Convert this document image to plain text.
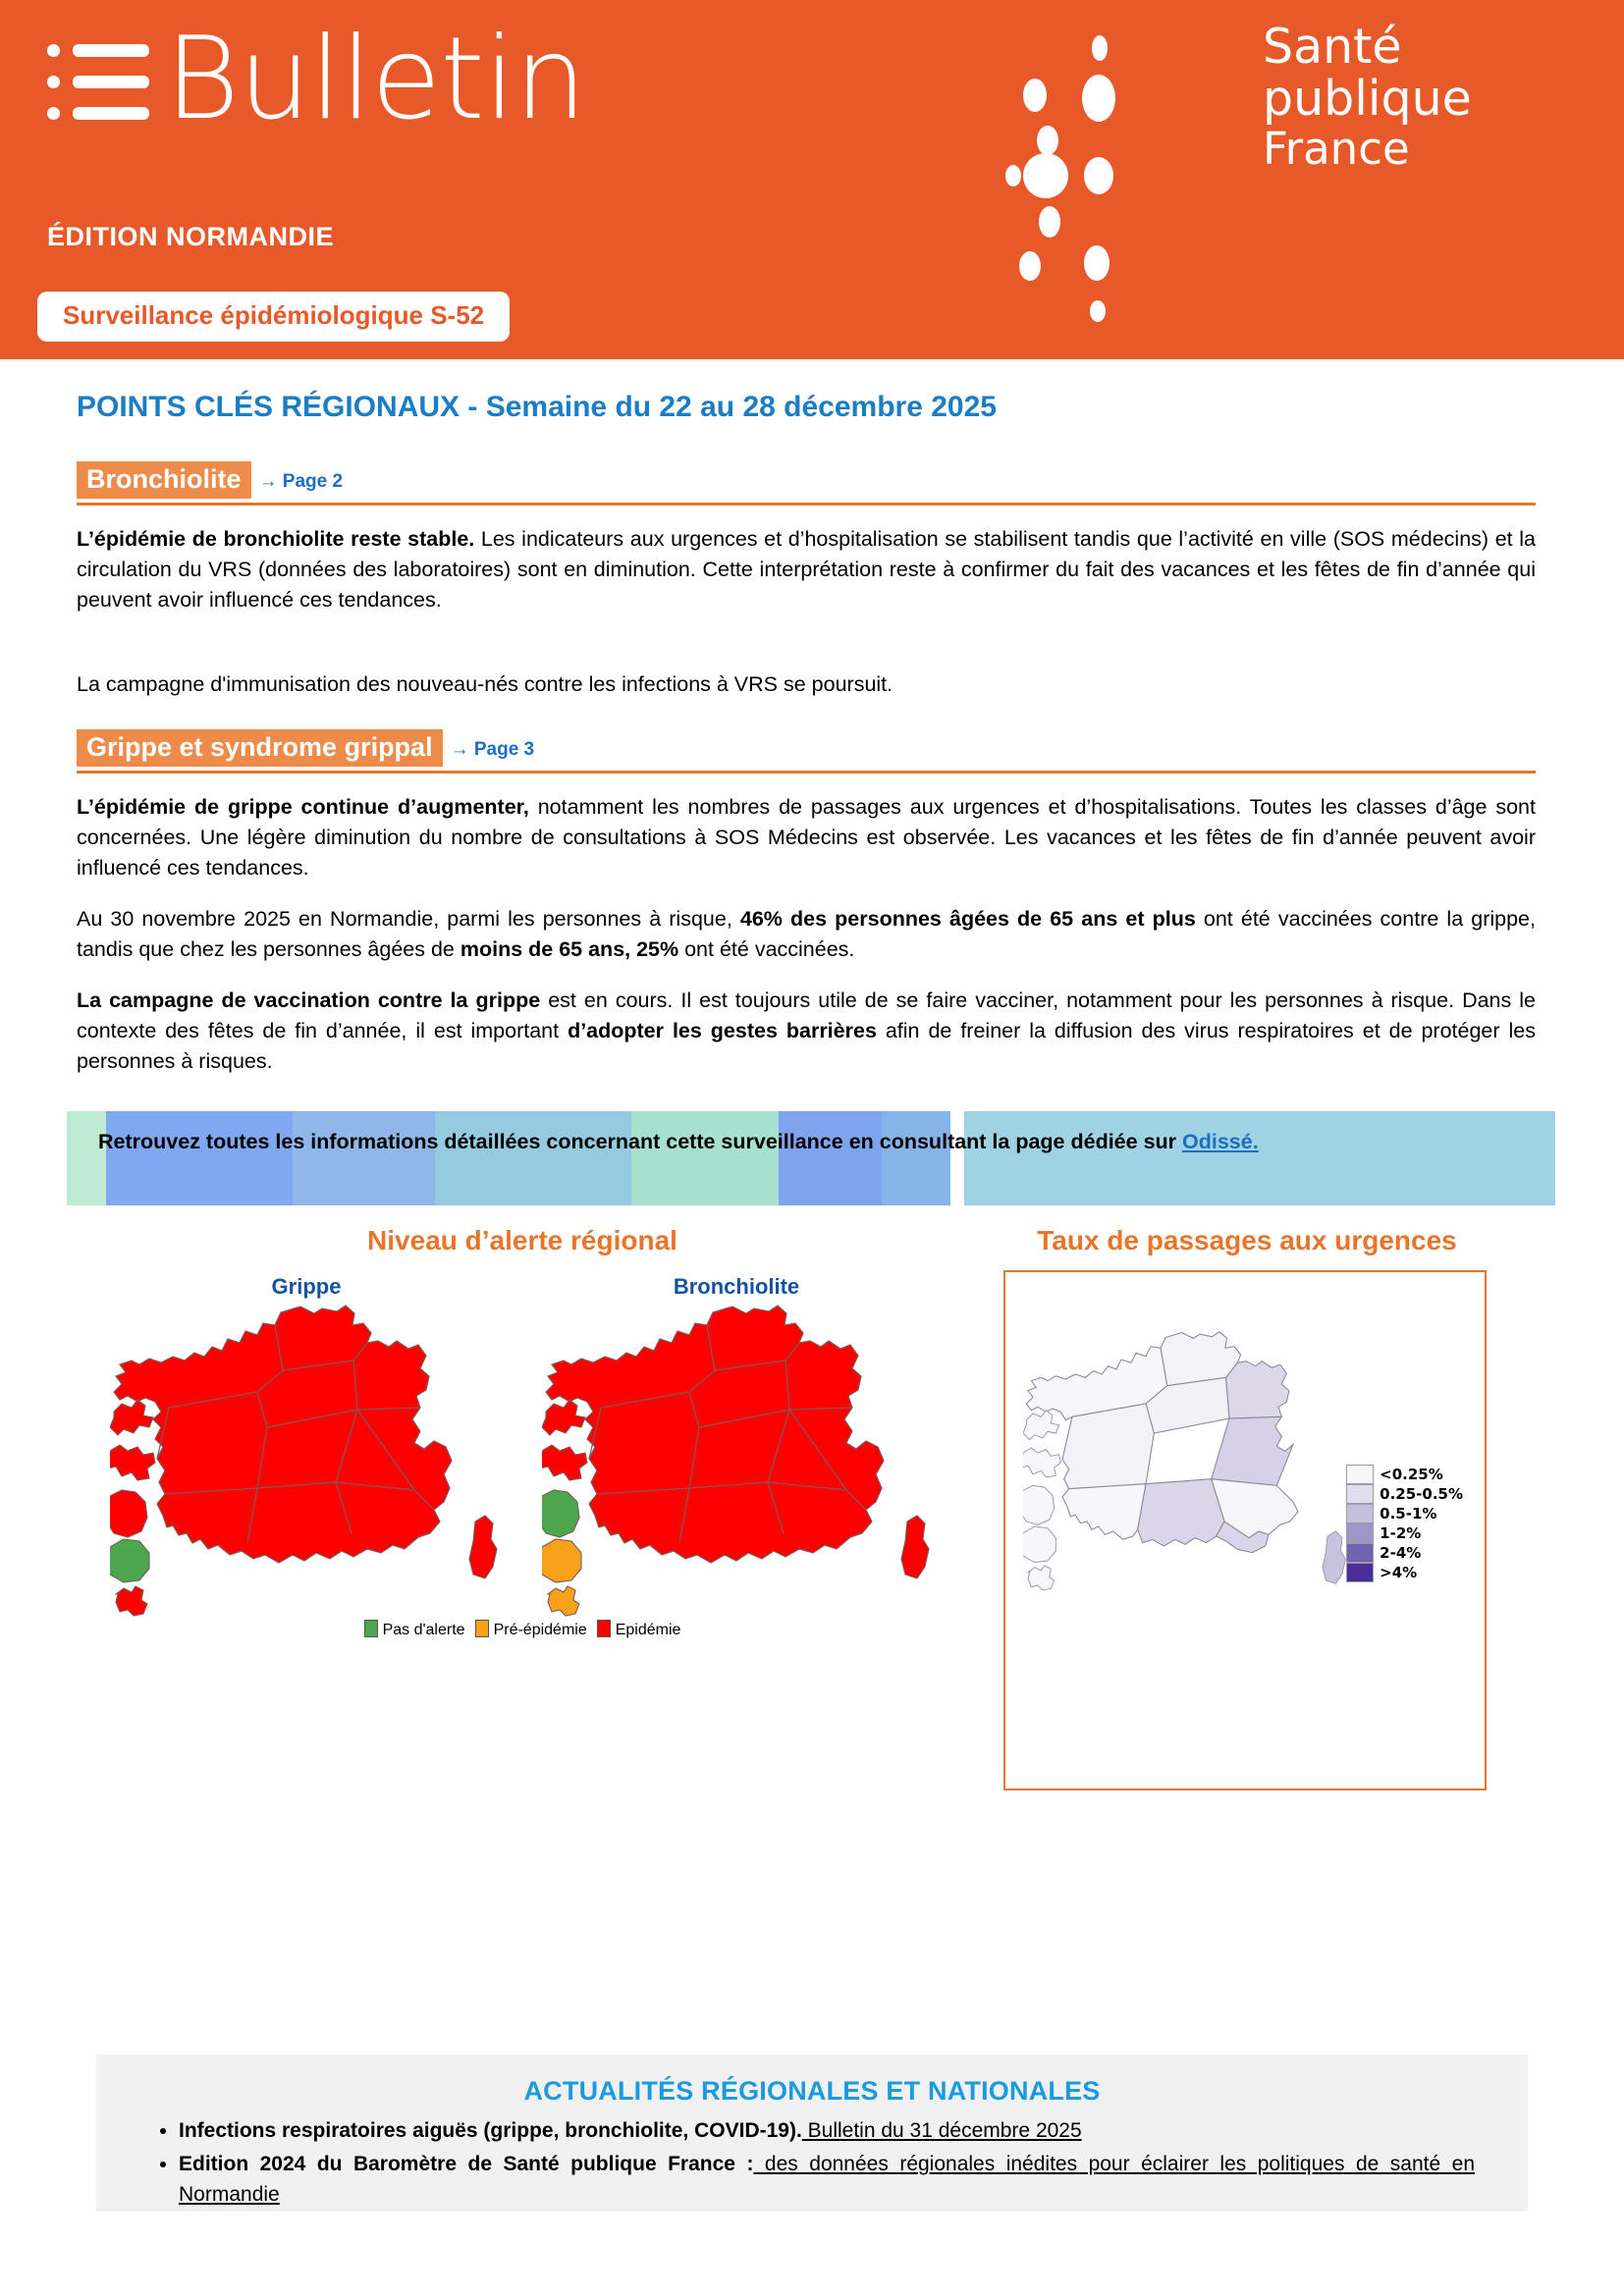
Bulletin
ÉDITION NORMANDIE
Surveillance épidémiologique S-52
Santé
publique
France
POINTS CLÉS RÉGIONAUX - Semaine du 22 au 28 décembre 2025
Bronchiolite → Page 2

L’épidémie de bronchiolite reste stable. Les indicateurs aux urgences et d’hospitalisation se stabilisent tandis que l’activité en ville (SOS médecins) et la circulation du VRS (données des laboratoires) sont en diminution. Cette interprétation reste à confirmer du fait des vacances et les fêtes de fin d’année qui peuvent avoir influencé ces tendances.

La campagne d'immunisation des nouveau-nés contre les infections à VRS se poursuit.

Grippe et syndrome grippal → Page 3

L’épidémie de grippe continue d’augmenter, notamment les nombres de passages aux urgences et d’hospitalisations. Toutes les classes d’âge sont concernées. Une légère diminution du nombre de consultations à SOS Médecins est observée. Les vacances et les fêtes de fin d’année peuvent avoir influencé ces tendances.

Au 30 novembre 2025 en Normandie, parmi les personnes à risque, 46% des personnes âgées de 65 ans et plus ont été vaccinées contre la grippe, tandis que chez les personnes âgées de moins de 65 ans, 25% ont été vaccinées.

La campagne de vaccination contre la grippe est en cours. Il est toujours utile de se faire vacciner, notamment pour les personnes à risque. Dans le contexte des fêtes de fin d’année, il est important d’adopter les gestes barrières afin de freiner la diffusion des virus respiratoires et de protéger les personnes à risques.

Retrouvez toutes les informations détaillées concernant cette surveillance en consultant la page dédiée sur Odissé.
Niveau d’alerte régional	Taux de passages aux urgences
Grippe	Bronchiolite
Pas d'alerte	Pré-épidémie	Epidémie
<0.25%
0.25-0.5%
0.5-1%
1-2%
2-4%
>4%
ACTUALITÉS RÉGIONALES ET NATIONALES
• Infections respiratoires aiguës (grippe, bronchiolite, COVID-19). Bulletin du 31 décembre 2025
• Edition 2024 du Baromètre de Santé publique France : des données régionales inédites pour éclairer les politiques de santé en Normandie
